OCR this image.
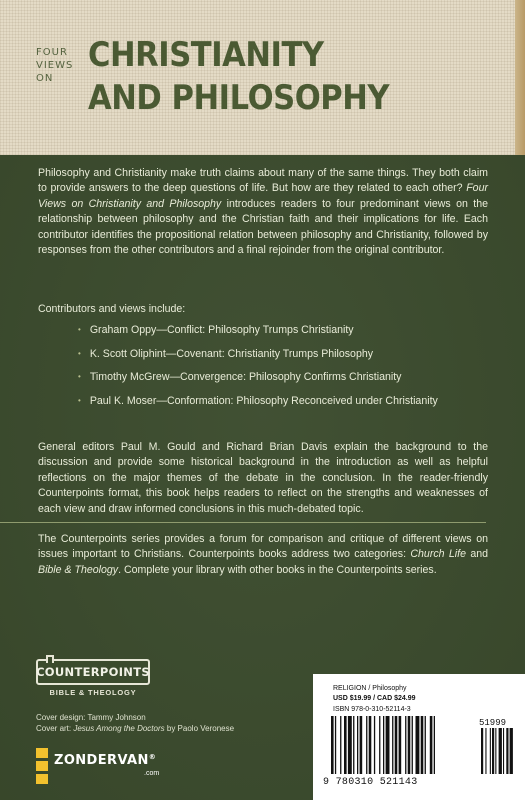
FOUR
VIEWS
ON
CHRISTIANITY
AND PHILOSOPHY

Philosophy and Christianity make truth claims about many of the same things. They both claim to provide answers to the deep questions of life. But how are they related to each other? Four Views on Christianity and Philosophy introduces readers to four predominant views on the relationship between philosophy and the Christian faith and their implications for life. Each contributor identifies the propositional relation between philosophy and Christianity, followed by responses from the other contributors and a final rejoinder from the original contributor.

Contributors and views include:

• Graham Oppy—Conflict: Philosophy Trumps Christianity
• K. Scott Oliphint—Covenant: Christianity Trumps Philosophy
• Timothy McGrew—Convergence: Philosophy Confirms Christianity
• Paul K. Moser—Conformation: Philosophy Reconceived under Christianity

General editors Paul M. Gould and Richard Brian Davis explain the background to the discussion and provide some historical background in the introduction as well as helpful reflections on the major themes of the debate in the conclusion. In the reader-friendly Counterpoints format, this book helps readers to reflect on the strengths and weaknesses of each view and draw informed conclusions in this much-debated topic.

The Counterpoints series provides a forum for comparison and critique of different views on issues important to Christians. Counterpoints books address two categories: Church Life and Bible & Theology. Complete your library with other books in the Counterpoints series.

COUNTERPOINTS
BIBLE & THEOLOGY
Cover design: Tammy Johnson
Cover art: Jesus Among the Doctors by Paolo Veronese
ZONDERVAN®
.com
RELIGION / Philosophy
USD $19.99 / CAD $24.99
ISBN 978-0-310-52114-3
51999
9 780310 521143
